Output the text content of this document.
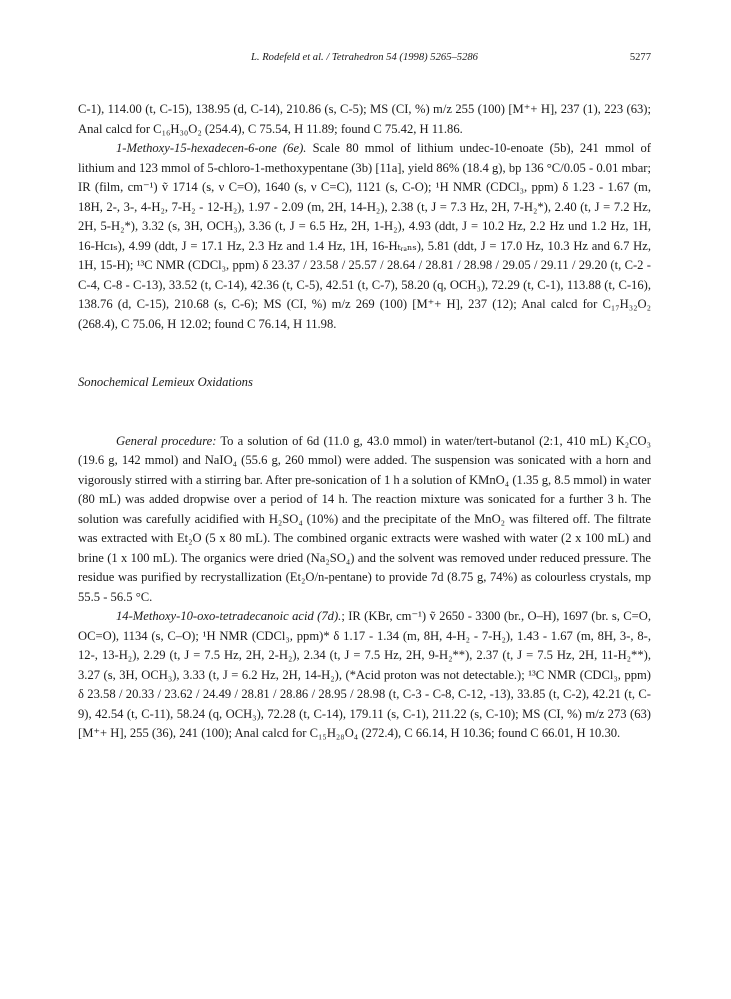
L. Rodefeld et al. / Tetrahedron 54 (1998) 5265–5286	5277

C-1), 114.00 (t, C-15), 138.95 (d, C-14), 210.86 (s, C-5); MS (CI, %) m/z 255 (100) [M⁺+ H], 237 (1), 223 (63); Anal calcd for C₁₆H₃₀O₂ (254.4), C 75.54, H 11.89; found C 75.42, H 11.86.

1-Methoxy-15-hexadecen-6-one (6e). Scale 80 mmol of lithium undec-10-enoate (5b), 241 mmol of lithium and 123 mmol of 5-chloro-1-methoxypentane (3b) [11a], yield 86% (18.4 g), bp 136 °C/0.05 - 0.01 mbar; IR (film, cm⁻¹) ṽ 1714 (s, ν C=O), 1640 (s, ν C=C), 1121 (s, C-O); ¹H NMR (CDCl₃, ppm) δ 1.23 - 1.67 (m, 18H, 2-, 3-, 4-H₂, 7-H₂ - 12-H₂), 1.97 - 2.09 (m, 2H, 14-H₂), 2.38 (t, J = 7.3 Hz, 2H, 7-H₂*), 2.40 (t, J = 7.2 Hz, 2H, 5-H₂*), 3.32 (s, 3H, OCH₃), 3.36 (t, J = 6.5 Hz, 2H, 1-H₂), 4.93 (ddt, J = 10.2 Hz, 2.2 Hz und 1.2 Hz, 1H, 16-Hᴄɪₛ), 4.99 (ddt, J = 17.1 Hz, 2.3 Hz and 1.4 Hz, 1H, 16-Hₜᵣₐₙₛ), 5.81 (ddt, J = 17.0 Hz, 10.3 Hz and 6.7 Hz, 1H, 15-H); ¹³C NMR (CDCl₃, ppm) δ 23.37 / 23.58 / 25.57 / 28.64 / 28.81 / 28.98 / 29.05 / 29.11 / 29.20 (t, C-2 - C-4, C-8 - C-13), 33.52 (t, C-14), 42.36 (t, C-5), 42.51 (t, C-7), 58.20 (q, OCH₃), 72.29 (t, C-1), 113.88 (t, C-16), 138.76 (d, C-15), 210.68 (s, C-6); MS (CI, %) m/z 269 (100) [M⁺+ H], 237 (12); Anal calcd for C₁₇H₃₂O₂ (268.4), C 75.06, H 12.02; found C 76.14, H 11.98.

Sonochemical Lemieux Oxidations

General procedure: To a solution of 6d (11.0 g, 43.0 mmol) in water/tert-butanol (2:1, 410 mL) K₂CO₃ (19.6 g, 142 mmol) and NaIO₄ (55.6 g, 260 mmol) were added. The suspension was sonicated with a horn and vigorously stirred with a stirring bar. After pre-sonication of 1 h a solution of KMnO₄ (1.35 g, 8.5 mmol) in water (80 mL) was added dropwise over a period of 14 h. The reaction mixture was sonicated for a further 3 h. The solution was carefully acidified with H₂SO₄ (10%) and the precipitate of the MnO₂ was filtered off. The filtrate was extracted with Et₂O (5 x 80 mL). The combined organic extracts were washed with water (2 x 100 mL) and brine (1 x 100 mL). The organics were dried (Na₂SO₄) and the solvent was removed under reduced pressure. The residue was purified by recrystallization (Et₂O/n-pentane) to provide 7d (8.75 g, 74%) as colourless crystals, mp 55.5 - 56.5 °C.

14-Methoxy-10-oxo-tetradecanoic acid (7d).; IR (KBr, cm⁻¹) ṽ 2650 - 3300 (br., O–H), 1697 (br. s, C=O, OC=O), 1134 (s, C–O); ¹H NMR (CDCl₃, ppm)* δ 1.17 - 1.34 (m, 8H, 4-H₂ - 7-H₂), 1.43 - 1.67 (m, 8H, 3-, 8-, 12-, 13-H₂), 2.29 (t, J = 7.5 Hz, 2H, 2-H₂), 2.34 (t, J = 7.5 Hz, 2H, 9-H₂**), 2.37 (t, J = 7.5 Hz, 2H, 11-H₂**), 3.27 (s, 3H, OCH₃), 3.33 (t, J = 6.2 Hz, 2H, 14-H₂), (*Acid proton was not detectable.); ¹³C NMR (CDCl₃, ppm) δ 23.58 / 20.33 / 23.62 / 24.49 / 28.81 / 28.86 / 28.95 / 28.98 (t, C-3 - C-8, C-12, -13), 33.85 (t, C-2), 42.21 (t, C-9), 42.54 (t, C-11), 58.24 (q, OCH₃), 72.28 (t, C-14), 179.11 (s, C-1), 211.22 (s, C-10); MS (CI, %) m/z 273 (63) [M⁺+ H], 255 (36), 241 (100); Anal calcd for C₁₅H₂₈O₄ (272.4), C 66.14, H 10.36; found C 66.01, H 10.30.
